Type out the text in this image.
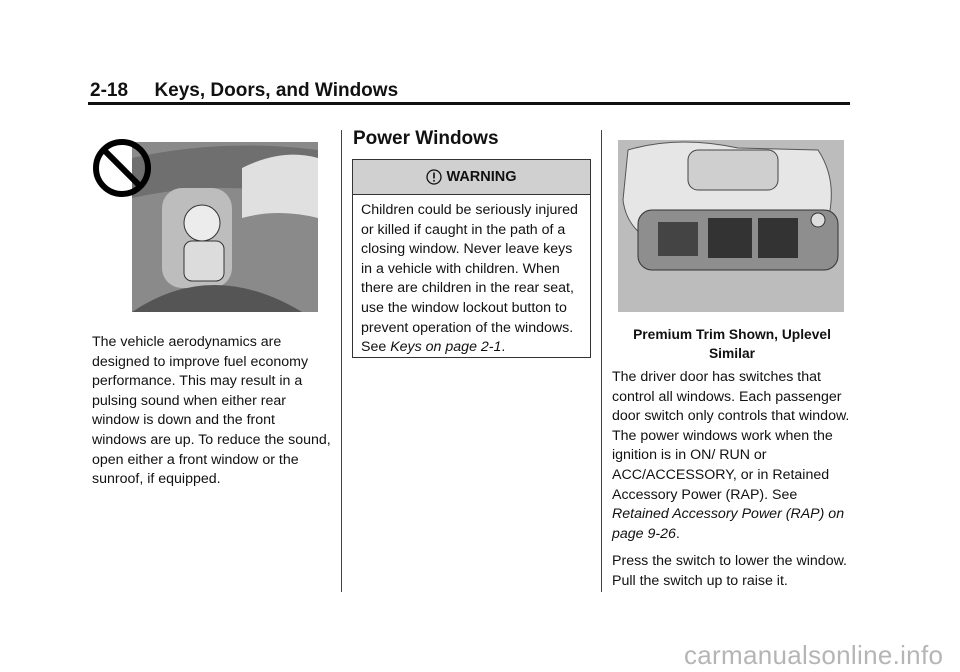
2-18 Keys, Doors, and Windows
The vehicle aerodynamics are designed to improve fuel economy performance. This may result in a pulsing sound when either rear window is down and the front windows are up. To reduce the sound, open either a front window or the sunroof, if equipped.
Power Windows
WARNING
Children could be seriously injured or killed if caught in the path of a closing window. Never leave keys in a vehicle with children. When there are children in the rear seat, use the window lockout button to prevent operation of the windows. See Keys on page 2-1.
Premium Trim Shown, Uplevel Similar

The driver door has switches that control all windows. Each passenger door switch only controls that window. The power windows work when the ignition is in ON/ RUN or ACC/ACCESSORY, or in Retained Accessory Power (RAP). See Retained Accessory Power (RAP) on page 9-26.

Press the switch to lower the window. Pull the switch up to raise it.

carmanualsonline.info
